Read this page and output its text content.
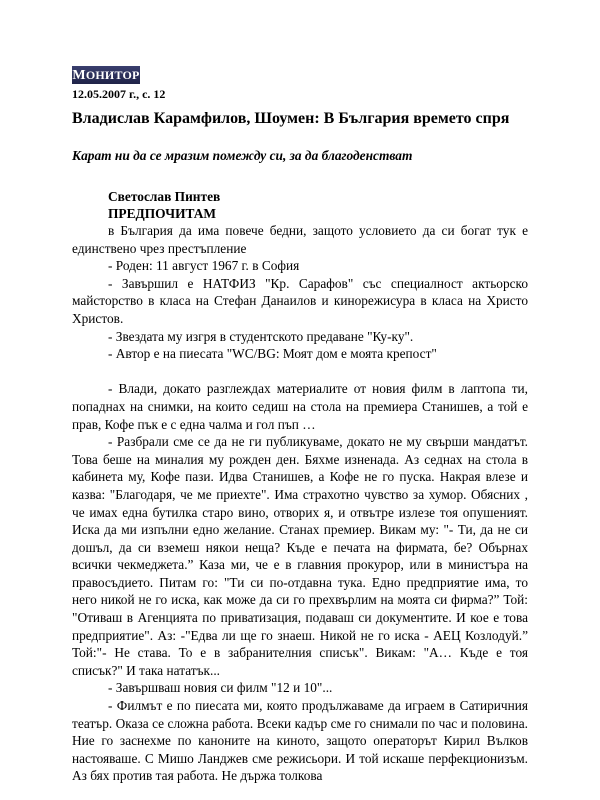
МОНИТОР
12.05.2007 г., с. 12
Владислав Карамфилов, Шоумен: В България времето спря
Карат ни да се мразим помежду си, за да благоденстват
Светослав Пинтев
ПРЕДПОЧИТАМ

в България да има повече бедни, защото условието да си богат тук е единствено чрез престъпление

- Роден: 11 август 1967 г. в София

- Завършил е НАТФИЗ "Кр. Сарафов" със специалност актьорско майсторство в класа на Стефан Данаилов и кинорежисура в класа на Христо Христов.

- Звездата му изгря в студентското предаване "Ку-ку".

- Автор е на пиесата "WC/BG: Моят дом е моята крепост"

- Влади, докато разглеждах материалите от новия филм в лаптопа ти, попаднах на снимки, на които седиш на стола на премиера Станишев, а той е прав, Кофе пък е с една чалма и гол пъп …

- Разбрали сме се да не ги публикуваме, докато не му свърши мандатът. Това беше на миналия му рожден ден. Бяхме изненада. Аз седнах на стола в кабинета му, Кофе пази. Идва Станишев, а Кофе не го пуска. Накрая влезе и казва: "Благодаря, че ме приехте". Има страхотно чувство за хумор. Обясних , че имах една бутилка старо вино, отворих я, и отвътре излезе тоя опушеният. Иска да ми изпълни едно желание. Станах премиер. Викам му: "- Ти, да не си дошъл, да си вземеш някои неща? Къде е печата на фирмата, бе? Обърнах всички чекмеджета.” Каза ми, че е в главния прокурор, или в министъра на правосъдието. Питам го: "Ти си по-отдавна тука. Едно предприятие има, то него никой не го иска, как може да си го прехвърлим на моята си фирма?” Той: "Отиваш в Агенцията по приватизация, подаваш си документите. И кое е това предприятие". Аз: -"Едва ли ще го знаеш. Никой не го иска - АЕЦ Козлодуй.” Той:"- Не става. То е в забранителния списък". Викам: "А… Къде е тоя списък?" И така нататък...

- Завършваш новия си филм "12 и 10"...

- Филмът е по пиесата ми, която продължаваме да играем в Сатиричния театър. Оказа се сложна работа. Всеки кадър сме го снимали по час и половина. Ние го заснехме по каноните на киното, защото операторът Кирил Вълков настояваше. С Мишо Ланджев сме режисьори. И той искаше перфекционизъм. Аз бях против тая работа. Не държа толкова
